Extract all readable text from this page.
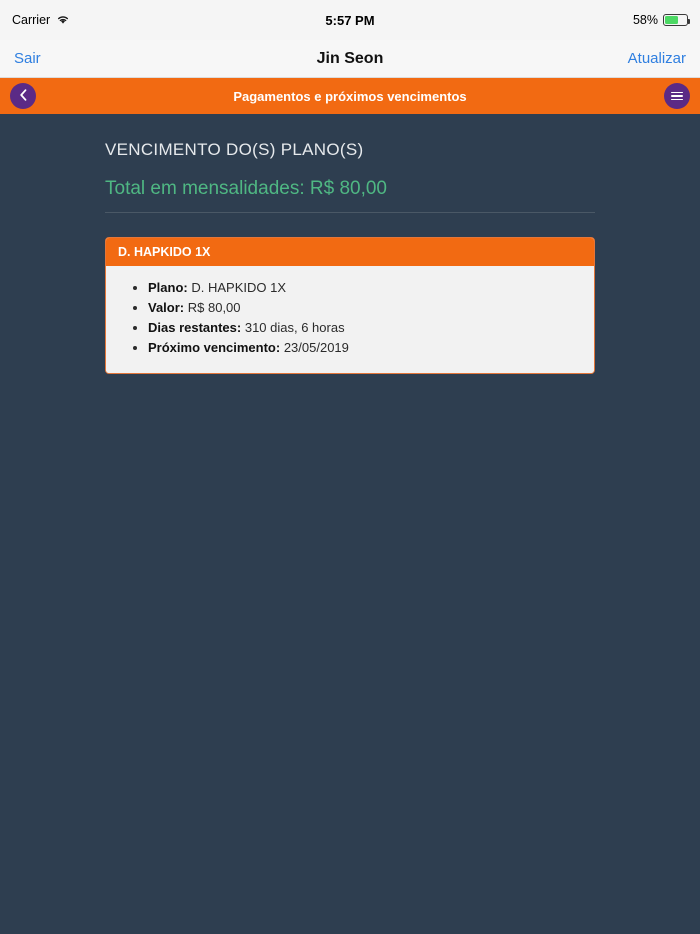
Carrier	5:57 PM	58%
Sair	Jin Seon	Atualizar
Pagamentos e próximos vencimentos
VENCIMENTO DO(S) PLANO(S)
Total em mensalidades: R$ 80,00
D. HAPKIDO 1X
• Plano: D. HAPKIDO 1X
• Valor: R$ 80,00
• Dias restantes: 310 dias, 6 horas
• Próximo vencimento: 23/05/2019
